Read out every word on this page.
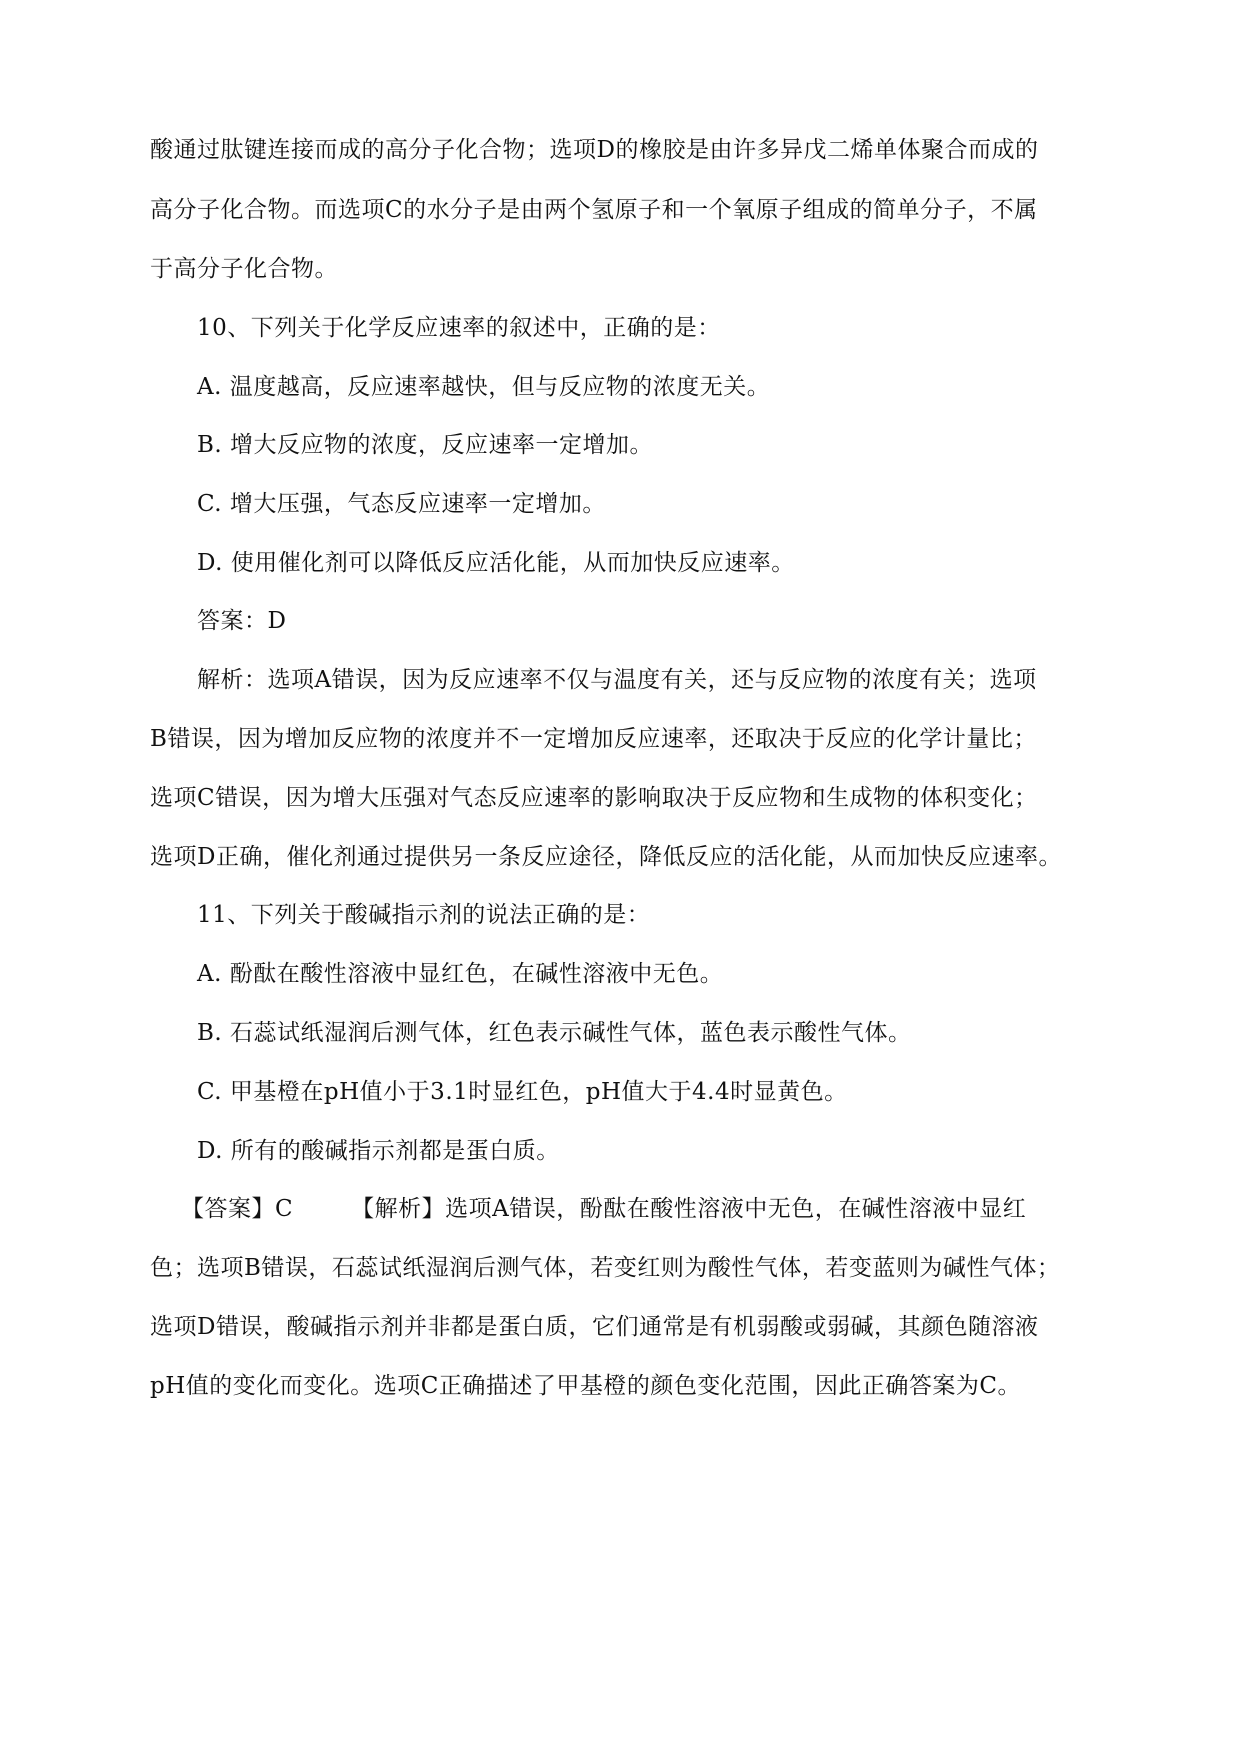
酸通过肽键连接而成的高分子化合物；选项D的橡胶是由许多异戊二烯单体聚合而成的
高分子化合物。而选项C的水分子是由两个氢原子和一个氧原子组成的简单分子，不属
于高分子化合物。
10、下列关于化学反应速率的叙述中，正确的是：
A. 温度越高，反应速率越快，但与反应物的浓度无关。
B. 增大反应物的浓度，反应速率一定增加。
C. 增大压强，气态反应速率一定增加。
D. 使用催化剂可以降低反应活化能，从而加快反应速率。
答案：D
解析：选项A错误，因为反应速率不仅与温度有关，还与反应物的浓度有关；选项
B错误，因为增加反应物的浓度并不一定增加反应速率，还取决于反应的化学计量比；
选项C错误，因为增大压强对气态反应速率的影响取决于反应物和生成物的体积变化；
选项D正确，催化剂通过提供另一条反应途径，降低反应的活化能，从而加快反应速率。
11、下列关于酸碱指示剂的说法正确的是：
A. 酚酞在酸性溶液中显红色，在碱性溶液中无色。
B. 石蕊试纸湿润后测气体，红色表示碱性气体，蓝色表示酸性气体。
C. 甲基橙在pH值小于3.1时显红色，pH值大于4.4时显黄色。
D. 所有的酸碱指示剂都是蛋白质。
【答案】C	【解析】选项A错误，酚酞在酸性溶液中无色，在碱性溶液中显红
色；选项B错误，石蕊试纸湿润后测气体，若变红则为酸性气体，若变蓝则为碱性气体；
选项D错误，酸碱指示剂并非都是蛋白质，它们通常是有机弱酸或弱碱，其颜色随溶液
pH值的变化而变化。选项C正确描述了甲基橙的颜色变化范围，因此正确答案为C。
